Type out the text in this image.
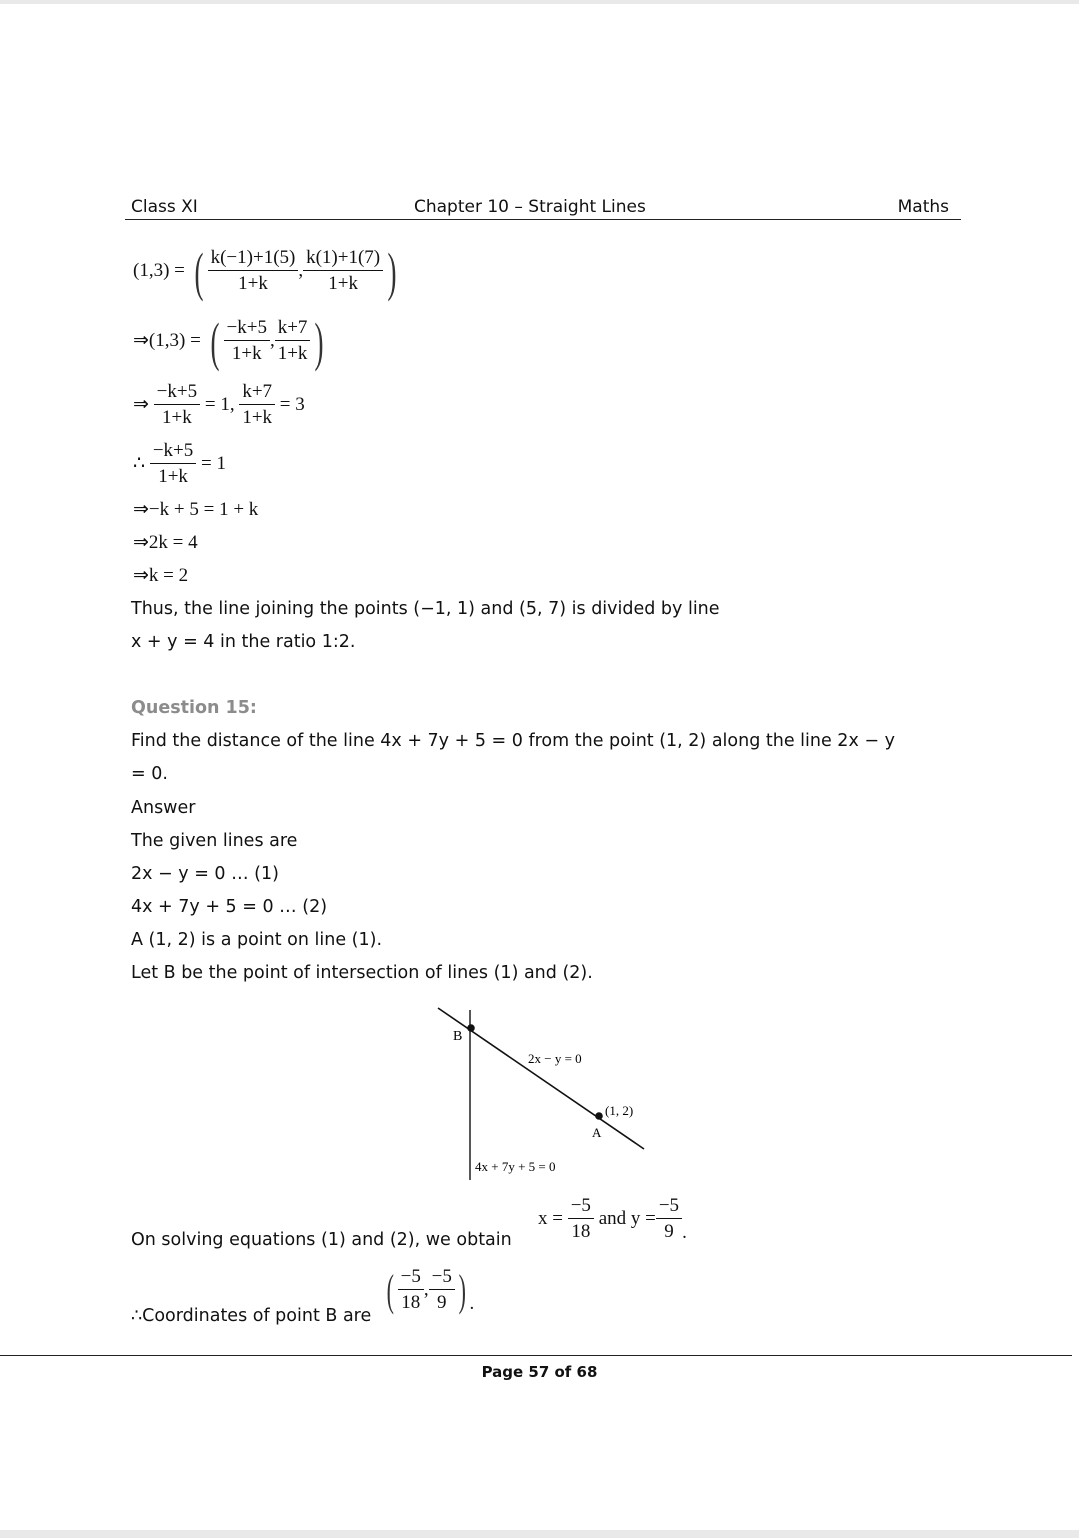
Class XI	Chapter 10 – Straight Lines	Maths
(1,3) = ( $\frac{k(-1)+1(5)}{1+k}$ , $\frac{k(1)+1(7)}{1+k}$ )
⇒(1,3) = ( $\frac{-k+5}{1+k}$ , $\frac{k+7}{1+k}$ )
⇒ $\frac{-k+5}{1+k} = 1$, $\frac{k+7}{1+k} = 3$
∴ $\frac{-k+5}{1+k} = 1$
⇒−k + 5 = 1 + k
⇒2k = 4
⇒k = 2
Thus, the line joining the points (−1, 1) and (5, 7) is divided by line
x + y = 4 in the ratio 1:2.
Question 15:
Find the distance of the line 4x + 7y + 5 = 0 from the point (1, 2) along the line 2x − y
= 0.
Answer
The given lines are
2x − y = 0 … (1)
4x + 7y + 5 = 0 … (2)
A (1, 2) is a point on line (1).
Let B be the point of intersection of lines (1) and (2).
B
2x − y = 0
(1, 2)
A
4x + 7y + 5 = 0
On solving equations (1) and (2), we obtain
$x = \frac{-5}{18}$ and $y = \frac{-5}{9}$ .
∴Coordinates of point B are
( $\frac{-5}{18}$ , $\frac{-5}{9}$ ) .
Page 57 of 68
